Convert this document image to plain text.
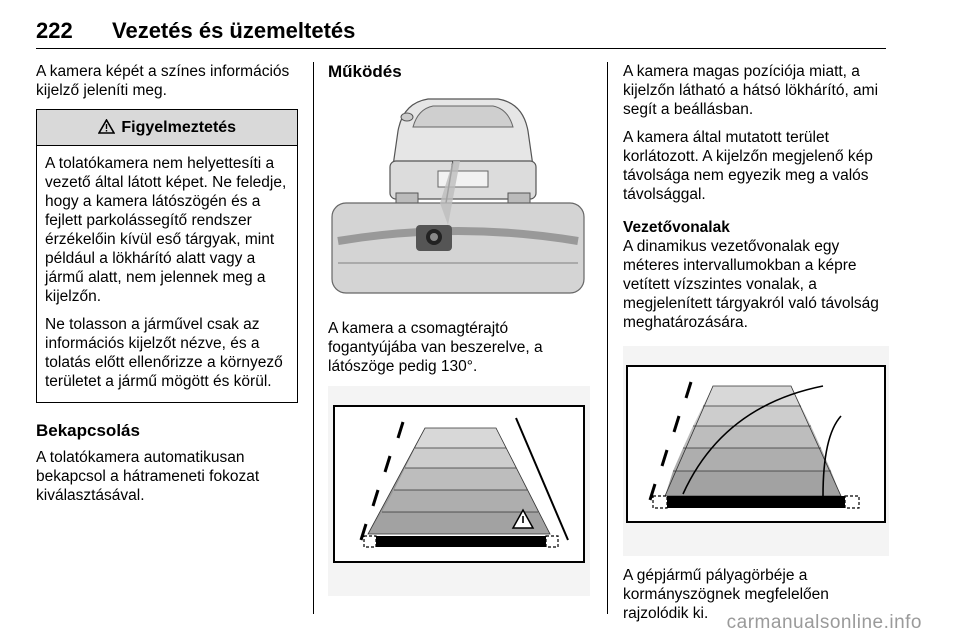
222 Vezetés és üzemeltetés

A kamera képét a színes információs kijelző jeleníti meg.

Figyelmeztetés

A tolatókamera nem helyettesíti a vezető által látott képet. Ne feledje, hogy a kamera látószögén és a fejlett parkolássegítő rendszer érzékelőin kívül eső tárgyak, mint például a lökhárító alatt vagy a jármű alatt, nem jelennek meg a kijelzőn.

Ne tolasson a járművel csak az információs kijelzőt nézve, és a tolatás előtt ellenőrizze a környező területet a jármű mögött és körül.

Bekapcsolás

A tolatókamera automatikusan bekapcsol a hátrameneti fokozat kiválasztásával.

Működés

A kamera a csomagtérajtó fogantyújába van beszerelve, a látószöge pedig 130°.

A kamera magas pozíciója miatt, a kijelzőn látható a hátsó lökhárító, ami segít a beállásban.

A kamera által mutatott terület korlátozott. A kijelzőn megjelenő kép távolsága nem egyezik meg a valós távolsággal.

Vezetővonalak

A dinamikus vezetővonalak egy méteres intervallumokban a képre vetített vízszintes vonalak, a megjelenített tárgyakról való távolság meghatározására.

A gépjármű pályagörbéje a kormányszögnek megfelelően rajzolódik ki. carmanualsonline.info
